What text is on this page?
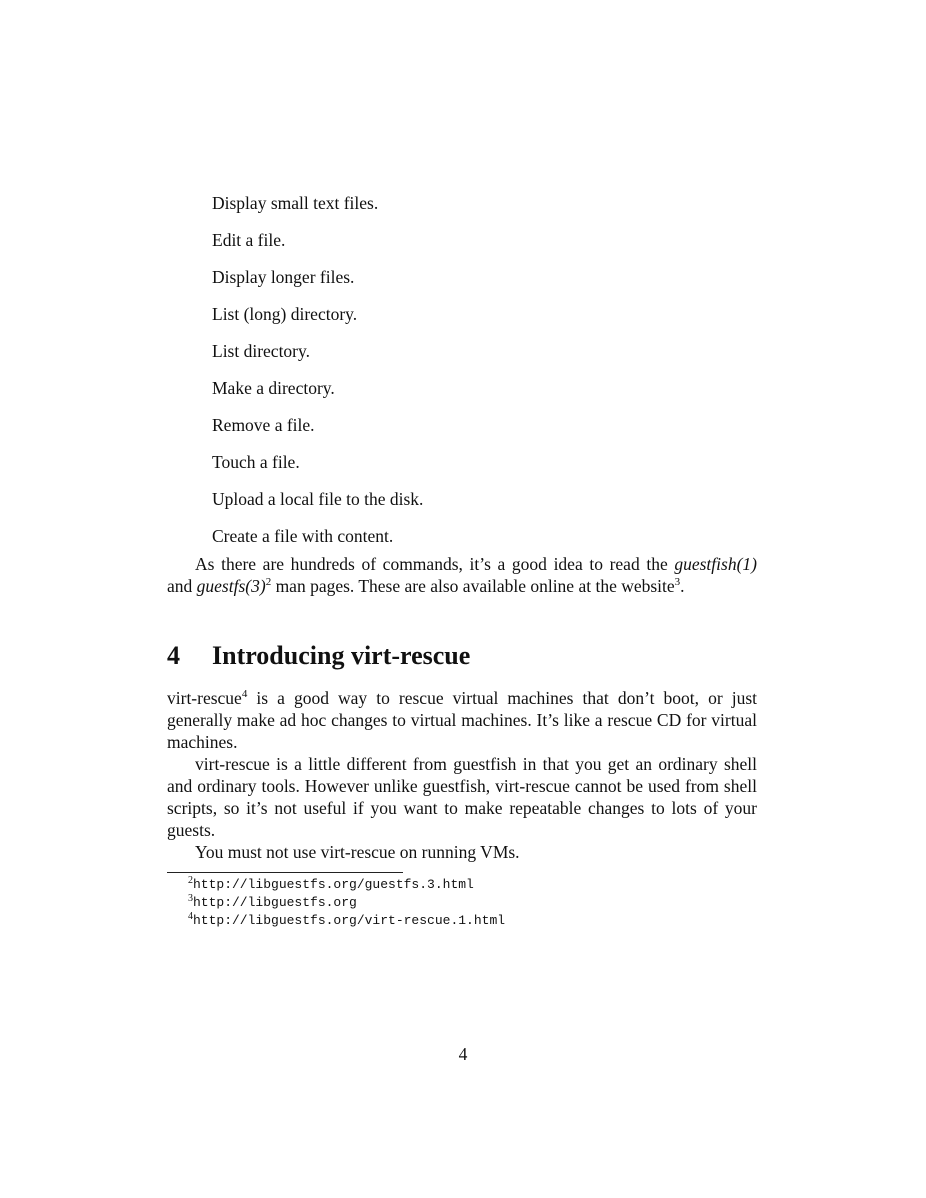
Display small text files.
Edit a file.
Display longer files.
List (long) directory.
List directory.
Make a directory.
Remove a file.
Touch a file.
Upload a local file to the disk.
Create a file with content.

As there are hundreds of commands, it’s a good idea to read the guestfish(1) and $guestfs(3)^2$ man pages. These are also available online at the website$^3$.

4 Introducing virt-rescue

virt-rescue$^4$ is a good way to rescue virtual machines that don’t boot, or just generally make ad hoc changes to virtual machines. It’s like a rescue CD for virtual machines.

virt-rescue is a little different from guestfish in that you get an ordinary shell and ordinary tools. However unlike guestfish, virt-rescue cannot be used from shell scripts, so it’s not useful if you want to make repeatable changes to lots of your guests.

You must not use virt-rescue on running VMs.

$^2$http://libguestfs.org/guestfs.3.html
$^3$http://libguestfs.org
$^4$http://libguestfs.org/virt-rescue.1.html
4
